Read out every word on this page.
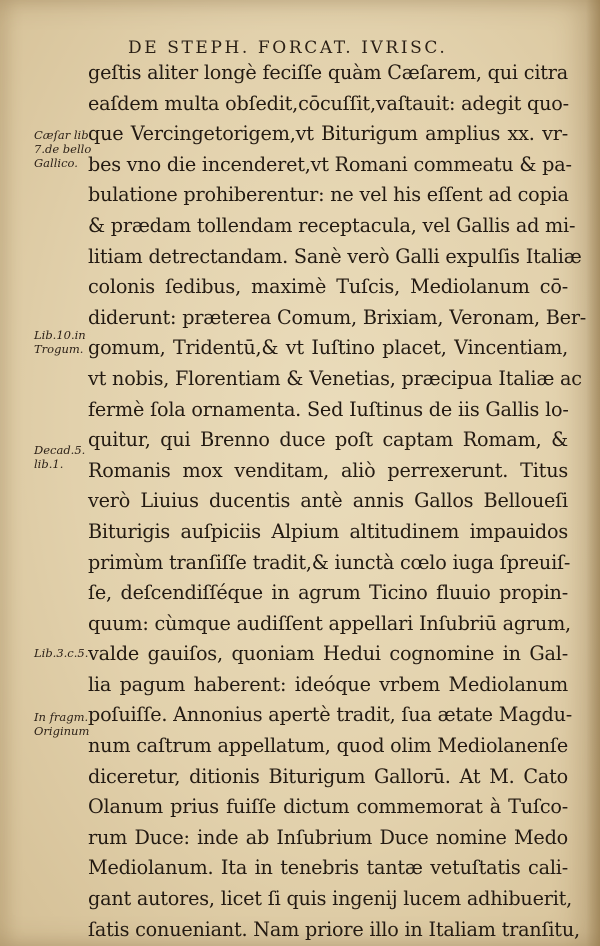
DE STEPH. FORCAT. IVRISC.
geſtis aliter longè feciſſe quàm Cæſarem, qui citra
eaſdem multa obſedit,cōcuſſit,vaſtauit: adegit quo-
que Vercingetorigem,vt Biturigum amplius xx. vr-
bes vno die incenderet,vt Romani commeatu & pa-
bulatione prohiberentur: ne vel his eſſent ad copia
& prædam tollendam receptacula, vel Gallis ad mi-
litiam detrectandam. Sanè verò Galli expulſis Italiæ
colonis ſedibus, maximè Tuſcis, Mediolanum cō-
diderunt: præterea Comum, Brixiam, Veronam, Ber-
gomum, Tridentū,& vt Iuſtino placet, Vincentiam,
vt nobis, Florentiam & Venetias, præcipua Italiæ ac
fermè ſola ornamenta. Sed Iuſtinus de iis Gallis lo-
quitur, qui Brenno duce poſt captam Romam, &
Romanis mox venditam, aliò perrexerunt. Titus
verò Liuius ducentis antè annis Gallos Belloueſi
Biturigis auſpiciis Alpium altitudinem impauidos
primùm tranſiſſe tradit,& iunctà cœlo iuga ſpreuiſ-
ſe, deſcendiſſéque in agrum Ticino fluuio propin-
quum: cùmque audiſſent appellari Inſubriū agrum,
valde gauiſos, quoniam Hedui cognomine in Gal-
lia pagum haberent: ideóque vrbem Mediolanum
poſuiſſe. Annonius apertè tradit, ſua ætate Magdu-
num caſtrum appellatum, quod olim Mediolanenſe
diceretur, ditionis Biturigum Gallorū. At M. Cato
Olanum prius fuiſſe dictum commemorat à Tuſco-
rum Duce: inde ab Inſubrium Duce nomine Medo
Mediolanum. Ita in tenebris tantæ vetuſtatis cali-
gant autores, licet ſi quis ingenij lucem adhibuerit,
ſatis conueniant. Nam priore illo in Italiam tranſitu,
Cæſar lib.
7.de bello
Gallico.
Lib.10.in
Trogum.
Decad.5.
lib.1.
Lib.3.c.5.
In fragm.
Originum
